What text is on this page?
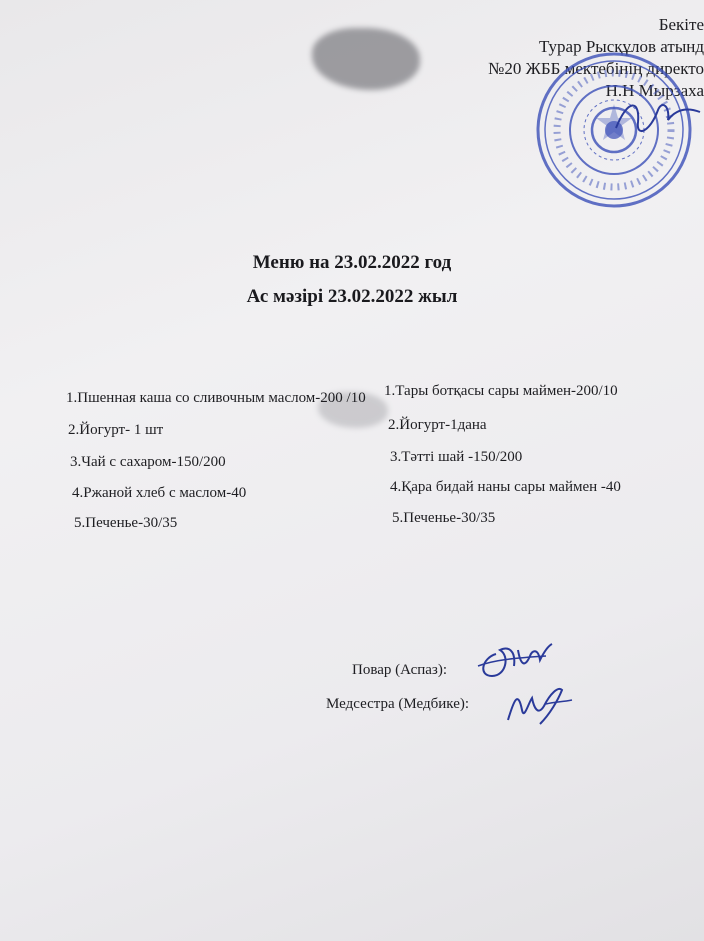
Бекіте
Турар Рысқұлов атынд
№20 ЖББ мектебінің директо
Н.Н Мырзаха
Меню на 23.02.2022 год
Ас мәзірі 23.02.2022 жыл
1.Пшенная каша со сливочным маслом-200 /10
2.Йогурт- 1 шт
3.Чай с сахаром-150/200
4.Ржаной хлеб с маслом-40
5.Печенье-30/35
1.Тары ботқасы сары маймен-200/10
2.Йогурт-1дана
3.Тәтті шай -150/200
4.Қара бидай наны сары маймен -40
5.Печенье-30/35
Повар (Аспаз):
Медсестра (Медбике):
